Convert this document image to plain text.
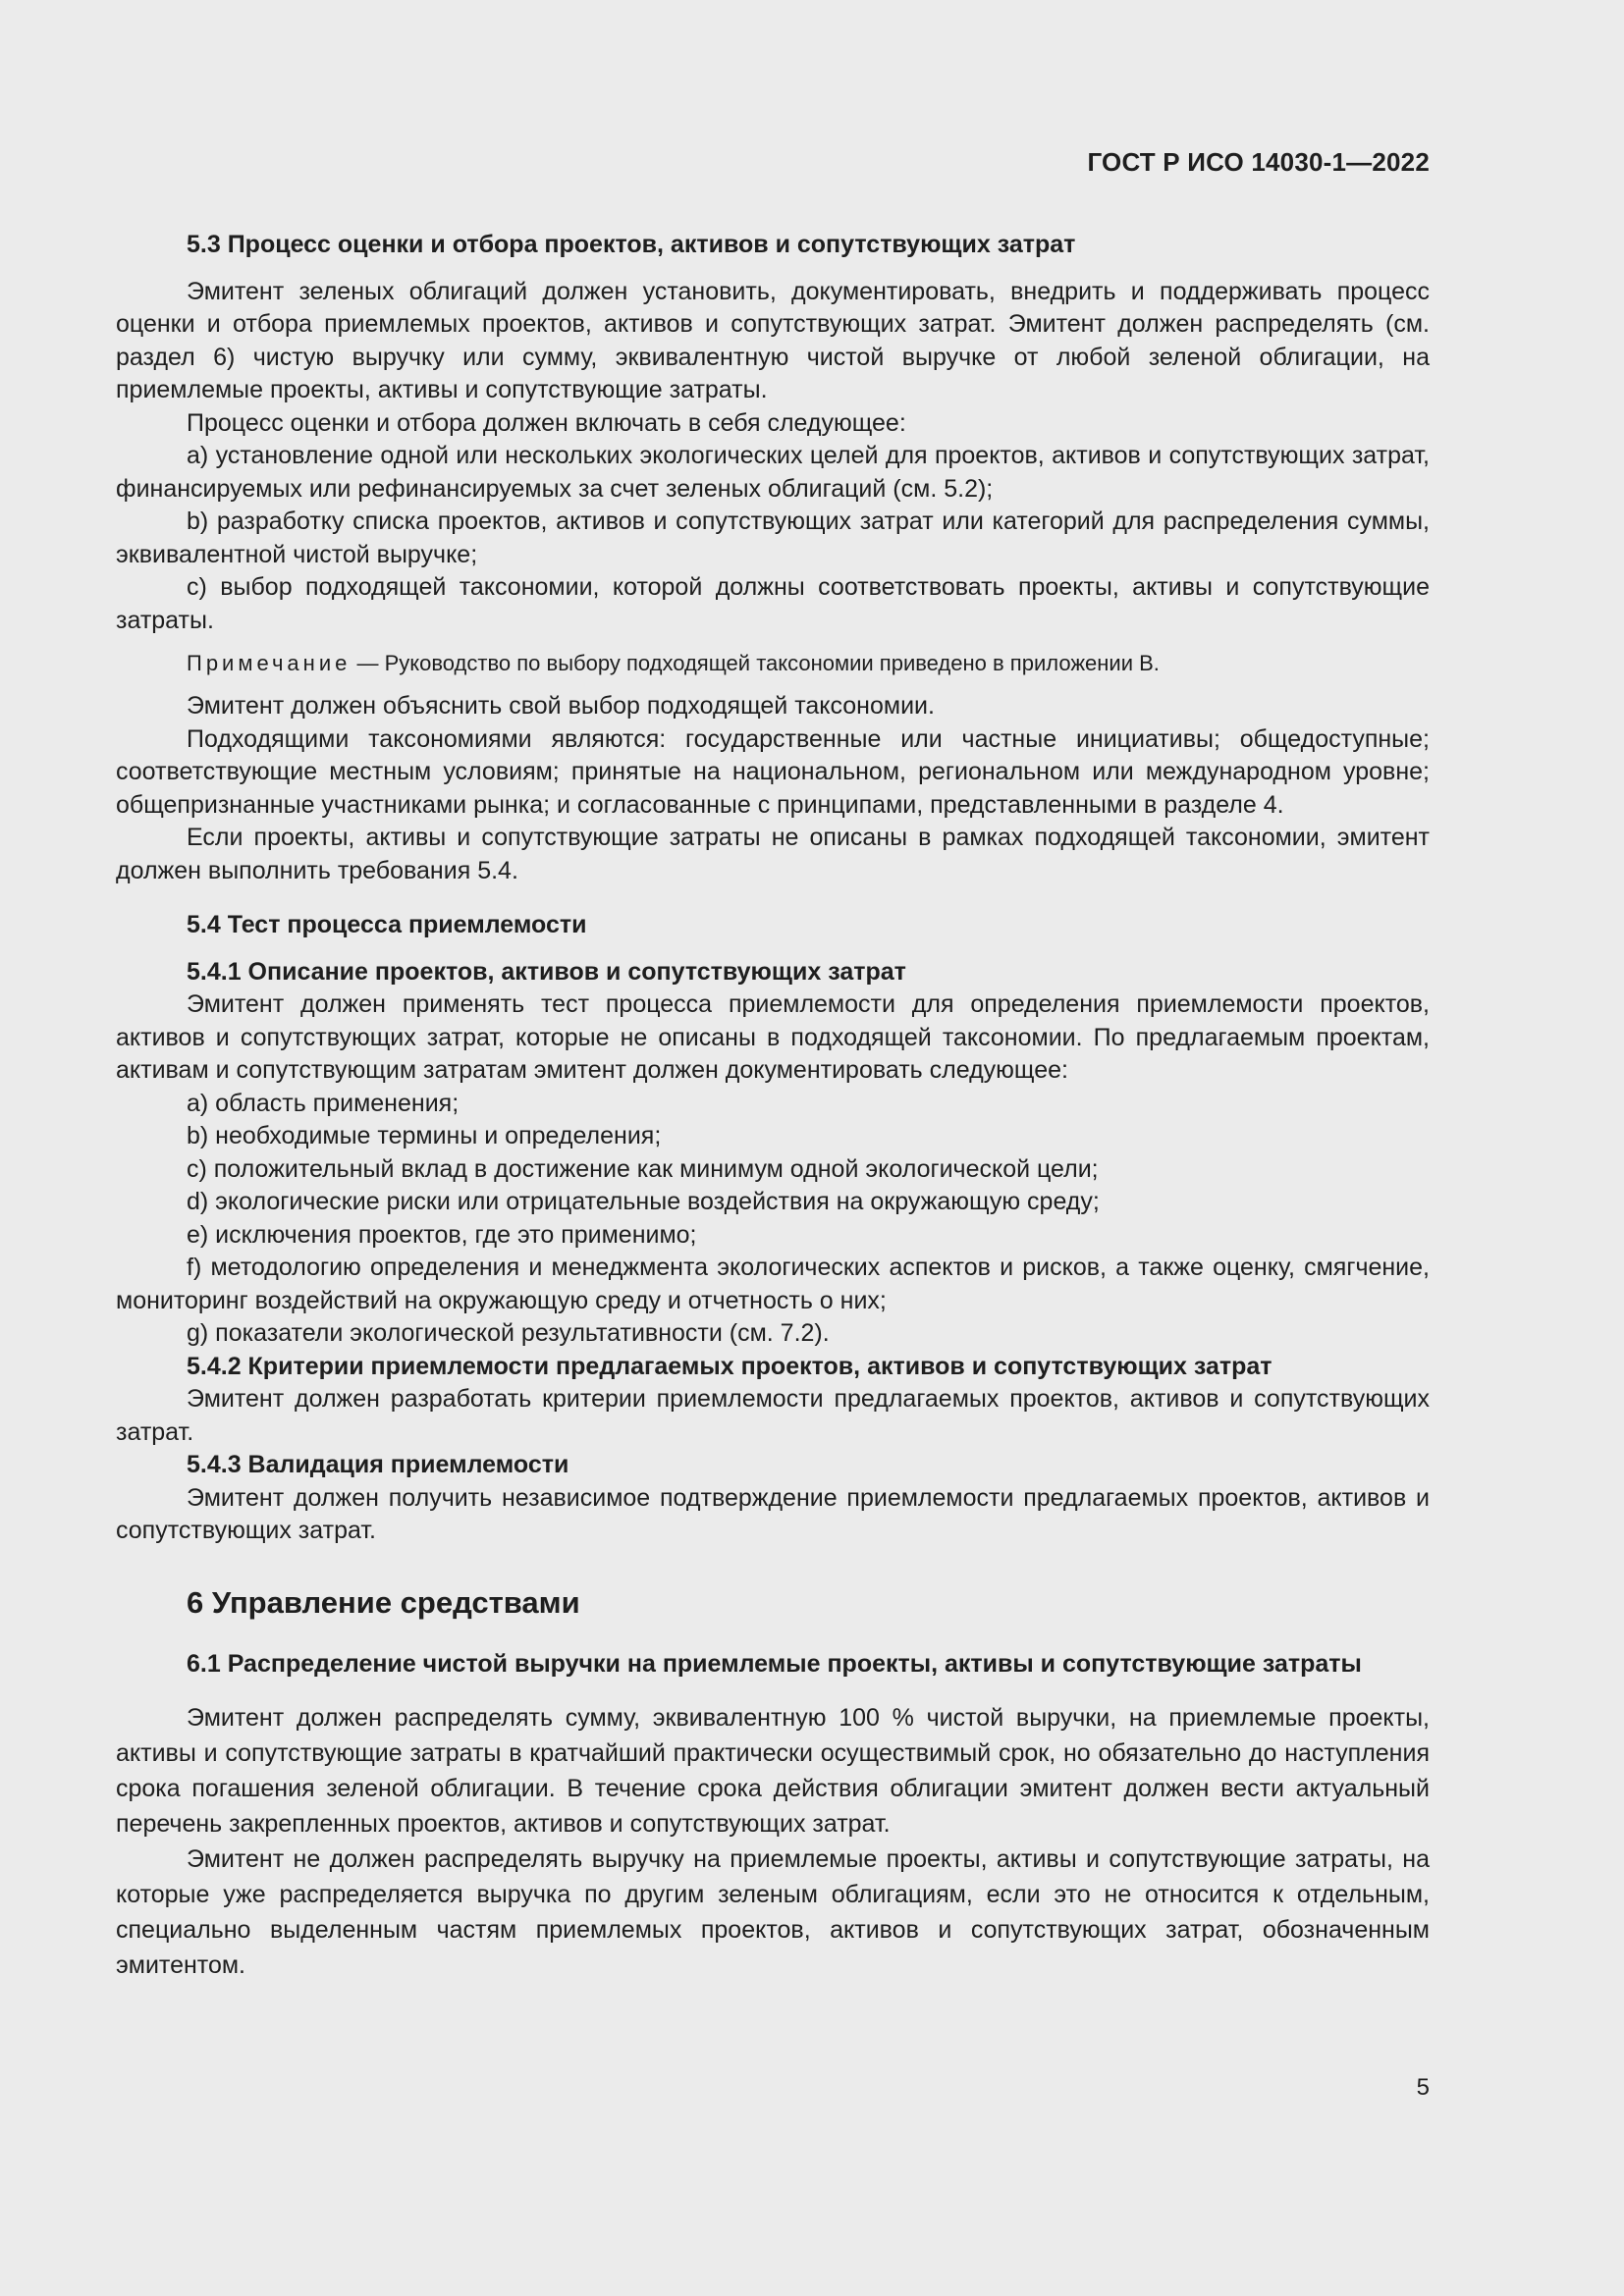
ГОСТ Р ИСО 14030-1—2022

5.3 Процесс оценки и отбора проектов, активов и сопутствующих затрат

Эмитент зеленых облигаций должен установить, документировать, внедрить и поддерживать процесс оценки и отбора приемлемых проектов, активов и сопутствующих затрат. Эмитент должен распределять (см. раздел 6) чистую выручку или сумму, эквивалентную чистой выручке от любой зеленой облигации, на приемлемые проекты, активы и сопутствующие затраты.

Процесс оценки и отбора должен включать в себя следующее:

a) установление одной или нескольких экологических целей для проектов, активов и сопутствующих затрат, финансируемых или рефинансируемых за счет зеленых облигаций (см. 5.2);

b) разработку списка проектов, активов и сопутствующих затрат или категорий для распределения суммы, эквивалентной чистой выручке;

c) выбор подходящей таксономии, которой должны соответствовать проекты, активы и сопутствующие затраты.

Примечание — Руководство по выбору подходящей таксономии приведено в приложении В.

Эмитент должен объяснить свой выбор подходящей таксономии.

Подходящими таксономиями являются: государственные или частные инициативы; общедоступные; соответствующие местным условиям; принятые на национальном, региональном или международном уровне; общепризнанные участниками рынка; и согласованные с принципами, представленными в разделе 4.

Если проекты, активы и сопутствующие затраты не описаны в рамках подходящей таксономии, эмитент должен выполнить требования 5.4.

5.4 Тест процесса приемлемости

5.4.1 Описание проектов, активов и сопутствующих затрат

Эмитент должен применять тест процесса приемлемости для определения приемлемости проектов, активов и сопутствующих затрат, которые не описаны в подходящей таксономии. По предлагаемым проектам, активам и сопутствующим затратам эмитент должен документировать следующее:

a) область применения;

b) необходимые термины и определения;

c) положительный вклад в достижение как минимум одной экологической цели;

d) экологические риски или отрицательные воздействия на окружающую среду;

e) исключения проектов, где это применимо;

f) методологию определения и менеджмента экологических аспектов и рисков, а также оценку, смягчение, мониторинг воздействий на окружающую среду и отчетность о них;

g) показатели экологической результативности (см. 7.2).

5.4.2 Критерии приемлемости предлагаемых проектов, активов и сопутствующих затрат

Эмитент должен разработать критерии приемлемости предлагаемых проектов, активов и сопутствующих затрат.

5.4.3 Валидация приемлемости

Эмитент должен получить независимое подтверждение приемлемости предлагаемых проектов, активов и сопутствующих затрат.

6 Управление средствами

6.1 Распределение чистой выручки на приемлемые проекты, активы и сопутствующие затраты

Эмитент должен распределять сумму, эквивалентную 100 % чистой выручки, на приемлемые проекты, активы и сопутствующие затраты в кратчайший практически осуществимый срок, но обязательно до наступления срока погашения зеленой облигации. В течение срока действия облигации эмитент должен вести актуальный перечень закрепленных проектов, активов и сопутствующих затрат.

Эмитент не должен распределять выручку на приемлемые проекты, активы и сопутствующие затраты, на которые уже распределяется выручка по другим зеленым облигациям, если это не относится к отдельным, специально выделенным частям приемлемых проектов, активов и сопутствующих затрат, обозначенным эмитентом.

5
